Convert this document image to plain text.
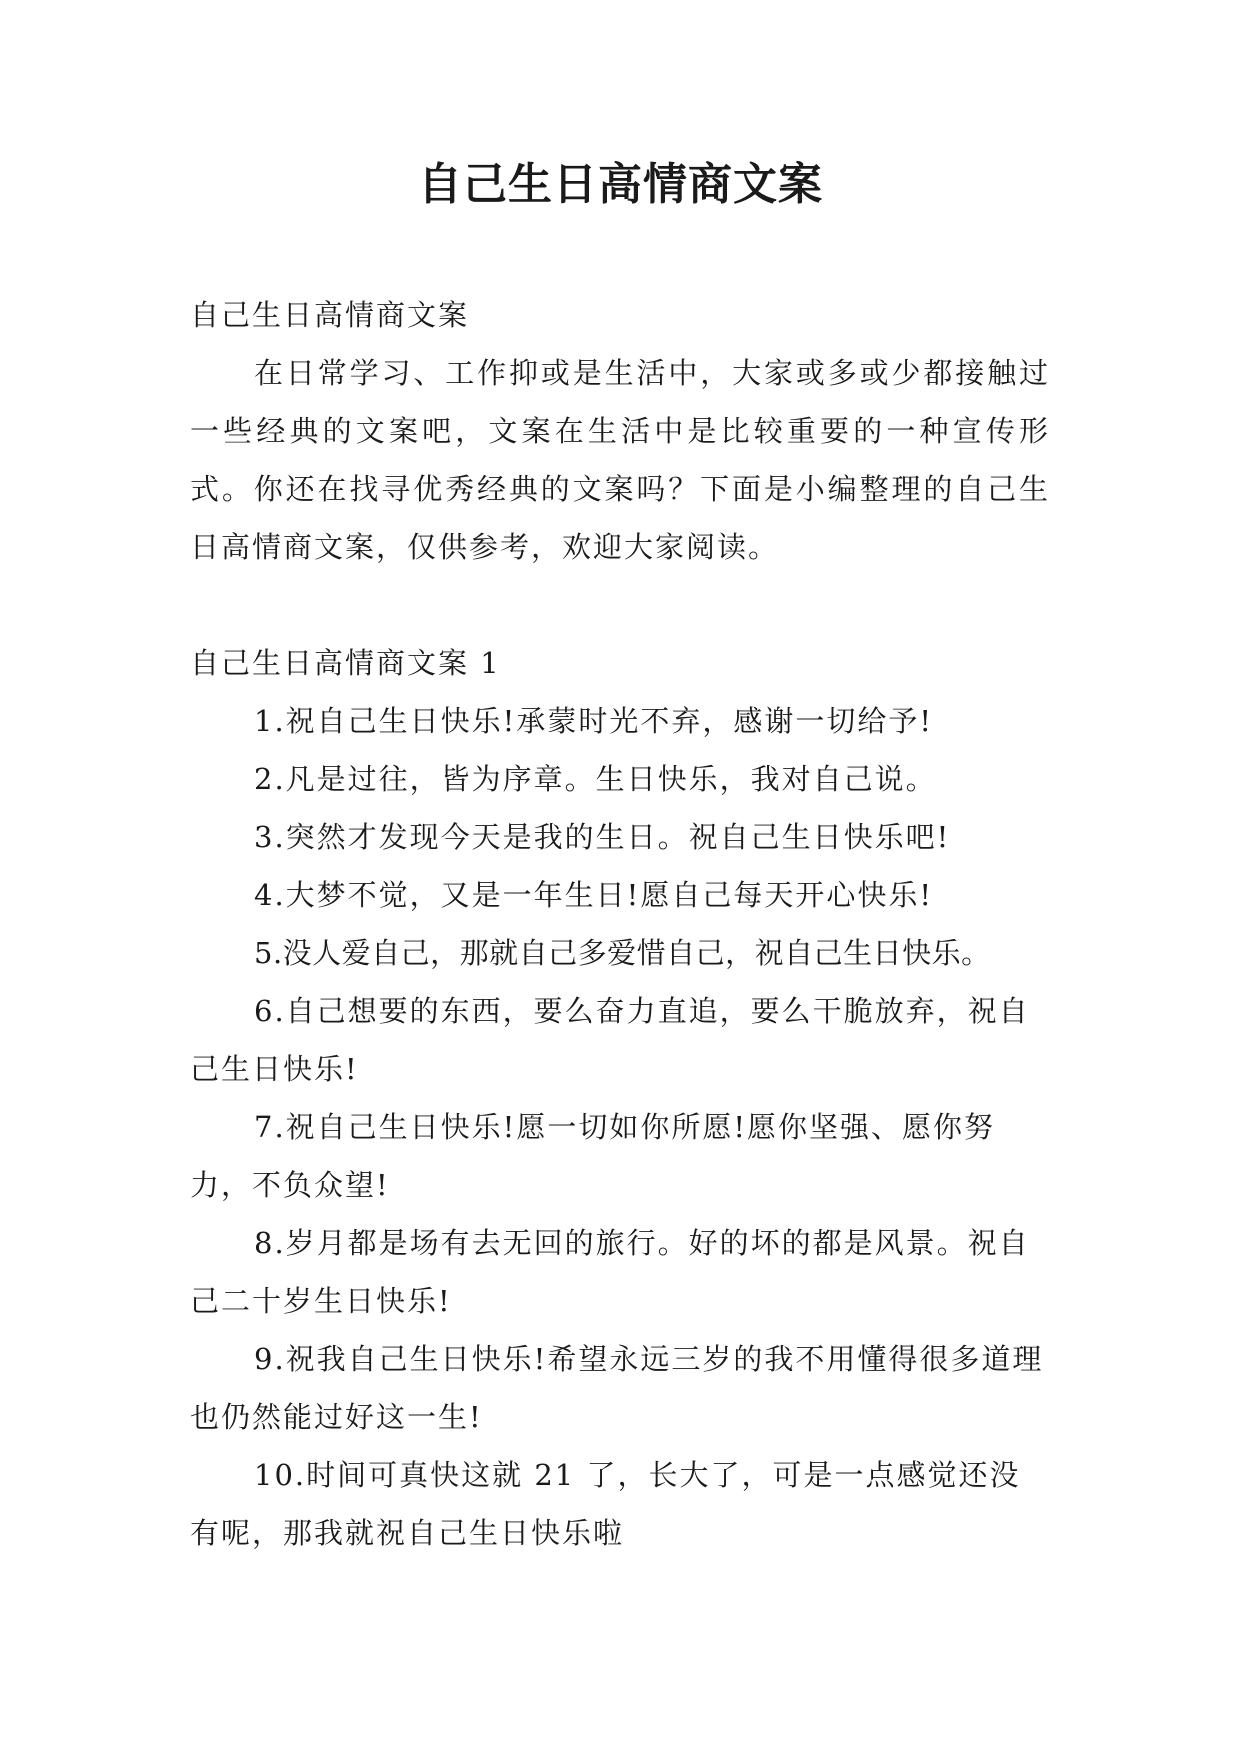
自己生日高情商文案

自己生日高情商文案

在日常学习、工作抑或是生活中，大家或多或少都接触过一些经典的文案吧，文案在生活中是比较重要的一种宣传形式。你还在找寻优秀经典的文案吗？下面是小编整理的自己生日高情商文案，仅供参考，欢迎大家阅读。

自己生日高情商文案 1

1.祝自己生日快乐!承蒙时光不弃，感谢一切给予!

2.凡是过往，皆为序章。生日快乐，我对自己说。

3.突然才发现今天是我的生日。祝自己生日快乐吧!

4.大梦不觉，又是一年生日!愿自己每天开心快乐!

5.没人爱自己，那就自己多爱惜自己，祝自己生日快乐。

6.自己想要的东西，要么奋力直追，要么干脆放弃，祝自己生日快乐!

7.祝自己生日快乐!愿一切如你所愿!愿你坚强、愿你努力，不负众望!

8.岁月都是场有去无回的旅行。好的坏的都是风景。祝自己二十岁生日快乐!

9.祝我自己生日快乐!希望永远三岁的我不用懂得很多道理也仍然能过好这一生!

10.时间可真快这就 21 了，长大了，可是一点感觉还没有呢，那我就祝自己生日快乐啦
